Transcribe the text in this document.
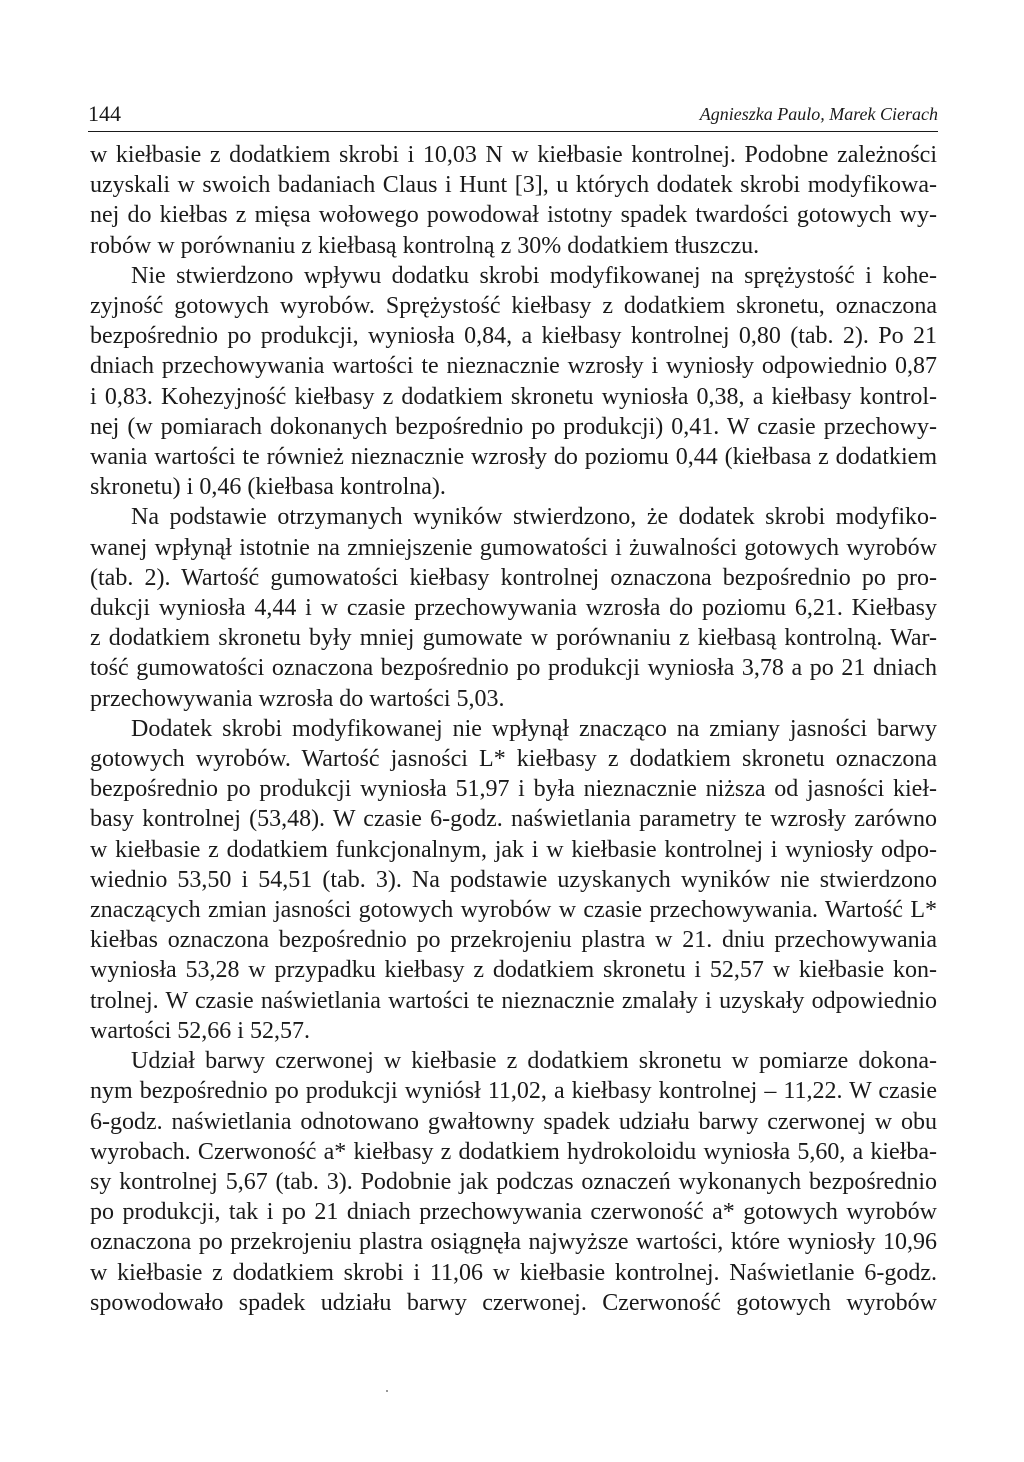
144	Agnieszka Paulo, Marek Cierach

w kiełbasie z dodatkiem skrobi i 10,03 N w kiełbasie kontrolnej. Podobne zależności
uzyskali w swoich badaniach Claus i Hunt [3], u których dodatek skrobi modyfikowa-
nej do kiełbas z mięsa wołowego powodował istotny spadek twardości gotowych wy-
robów w porównaniu z kiełbasą kontrolną z 30% dodatkiem tłuszczu.

Nie stwierdzono wpływu dodatku skrobi modyfikowanej na sprężystość i kohe-
zyjność gotowych wyrobów. Sprężystość kiełbasy z dodatkiem skronetu, oznaczona
bezpośrednio po produkcji, wyniosła 0,84, a kiełbasy kontrolnej 0,80 (tab. 2). Po 21
dniach przechowywania wartości te nieznacznie wzrosły i wyniosły odpowiednio 0,87
i 0,83. Kohezyjność kiełbasy z dodatkiem skronetu wyniosła 0,38, a kiełbasy kontrol-
nej (w pomiarach dokonanych bezpośrednio po produkcji) 0,41. W czasie przechowy-
wania wartości te również nieznacznie wzrosły do poziomu 0,44 (kiełbasa z dodatkiem
skronetu) i 0,46 (kiełbasa kontrolna).

Na podstawie otrzymanych wyników stwierdzono, że dodatek skrobi modyfiko-
wanej wpłynął istotnie na zmniejszenie gumowatości i żuwalności gotowych wyrobów
(tab. 2). Wartość gumowatości kiełbasy kontrolnej oznaczona bezpośrednio po pro-
dukcji wyniosła 4,44 i w czasie przechowywania wzrosła do poziomu 6,21. Kiełbasy
z dodatkiem skronetu były mniej gumowate w porównaniu z kiełbasą kontrolną. War-
tość gumowatości oznaczona bezpośrednio po produkcji wyniosła 3,78 a po 21 dniach
przechowywania wzrosła do wartości 5,03.

Dodatek skrobi modyfikowanej nie wpłynął znacząco na zmiany jasności barwy
gotowych wyrobów. Wartość jasności L* kiełbasy z dodatkiem skronetu oznaczona
bezpośrednio po produkcji wyniosła 51,97 i była nieznacznie niższa od jasności kieł-
basy kontrolnej (53,48). W czasie 6-godz. naświetlania parametry te wzrosły zarówno
w kiełbasie z dodatkiem funkcjonalnym, jak i w kiełbasie kontrolnej i wyniosły odpo-
wiednio 53,50 i 54,51 (tab. 3). Na podstawie uzyskanych wyników nie stwierdzono
znaczących zmian jasności gotowych wyrobów w czasie przechowywania. Wartość L*
kiełbas oznaczona bezpośrednio po przekrojeniu plastra w 21. dniu przechowywania
wyniosła 53,28 w przypadku kiełbasy z dodatkiem skronetu i 52,57 w kiełbasie kon-
trolnej. W czasie naświetlania wartości te nieznacznie zmalały i uzyskały odpowiednio
wartości 52,66 i 52,57.

Udział barwy czerwonej w kiełbasie z dodatkiem skronetu w pomiarze dokona-
nym bezpośrednio po produkcji wyniósł 11,02, a kiełbasy kontrolnej – 11,22. W czasie
6-godz. naświetlania odnotowano gwałtowny spadek udziału barwy czerwonej w obu
wyrobach. Czerwoność a* kiełbasy z dodatkiem hydrokoloidu wyniosła 5,60, a kiełba-
sy kontrolnej 5,67 (tab. 3). Podobnie jak podczas oznaczeń wykonanych bezpośrednio
po produkcji, tak i po 21 dniach przechowywania czerwoność a* gotowych wyrobów
oznaczona po przekrojeniu plastra osiągnęła najwyższe wartości, które wyniosły 10,96
w kiełbasie z dodatkiem skrobi i 11,06 w kiełbasie kontrolnej. Naświetlanie 6-godz.
spowodowało spadek udziału barwy czerwonej. Czerwoność gotowych wyrobów
